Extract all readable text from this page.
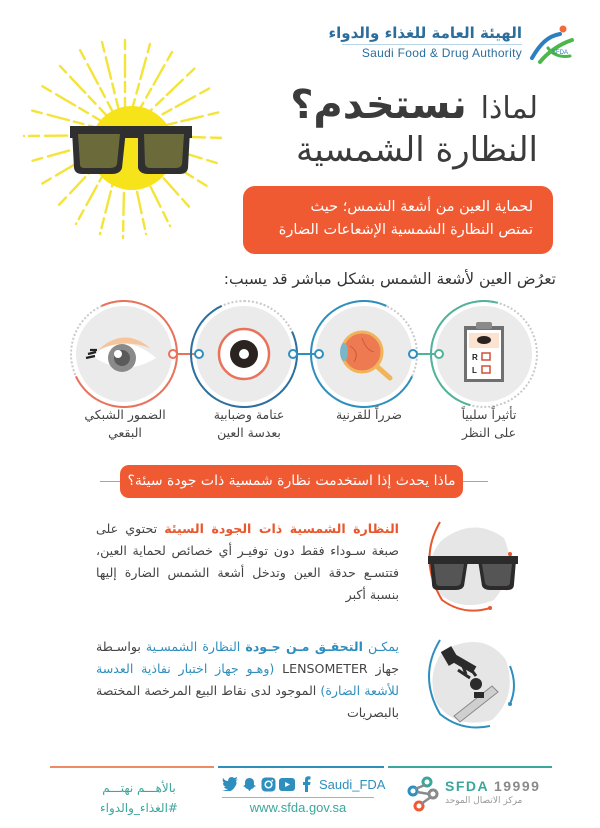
الهيئة العامة للغذاء والدواء
Saudi Food & Drug Authority	SFDA
لماذا نستخدم؟
النظارة الشمسية
لحماية العين من أشعة الشمس؛ حيث
تمتص النظارة الشمسية الإشعاعات الضارة
تعرُض العين لأشعة الشمس بشكل مباشر قد يسبب:
R
L
تأثيراً سلبياً
على النظر
ضرراً للقرنية
عتامة وضبابية
بعدسة العين
الضمور الشبكي
البقعي
ماذا يحدث إذا استخدمت نظارة شمسية ذات جودة سيئة؟
النظارة الشمسية ذات الجودة السيئة تحتوي على صبغة سـوداء فقط دون توفيـر أي خصائص لحماية العين، فتتسـع حدقة العين وتدخل أشعة الشمس الضارة إليها بنسبة أكبر
يمكـن التحقـق مـن جـودة النظارة الشمسـية بواسـطة جهاز LENSOMETER (وهـو جهاز اختبار نفاذية العدسة للأشعة الضارة) الموجود لدى نقاط البيع المرخصة المختصة بالبصريات
بالأهـــم نهتـــم
#الغذاء_والدواء
Saudi_FDA
www.sfda.gov.sa
SFDA 19999
مركز الاتصال الموحد
